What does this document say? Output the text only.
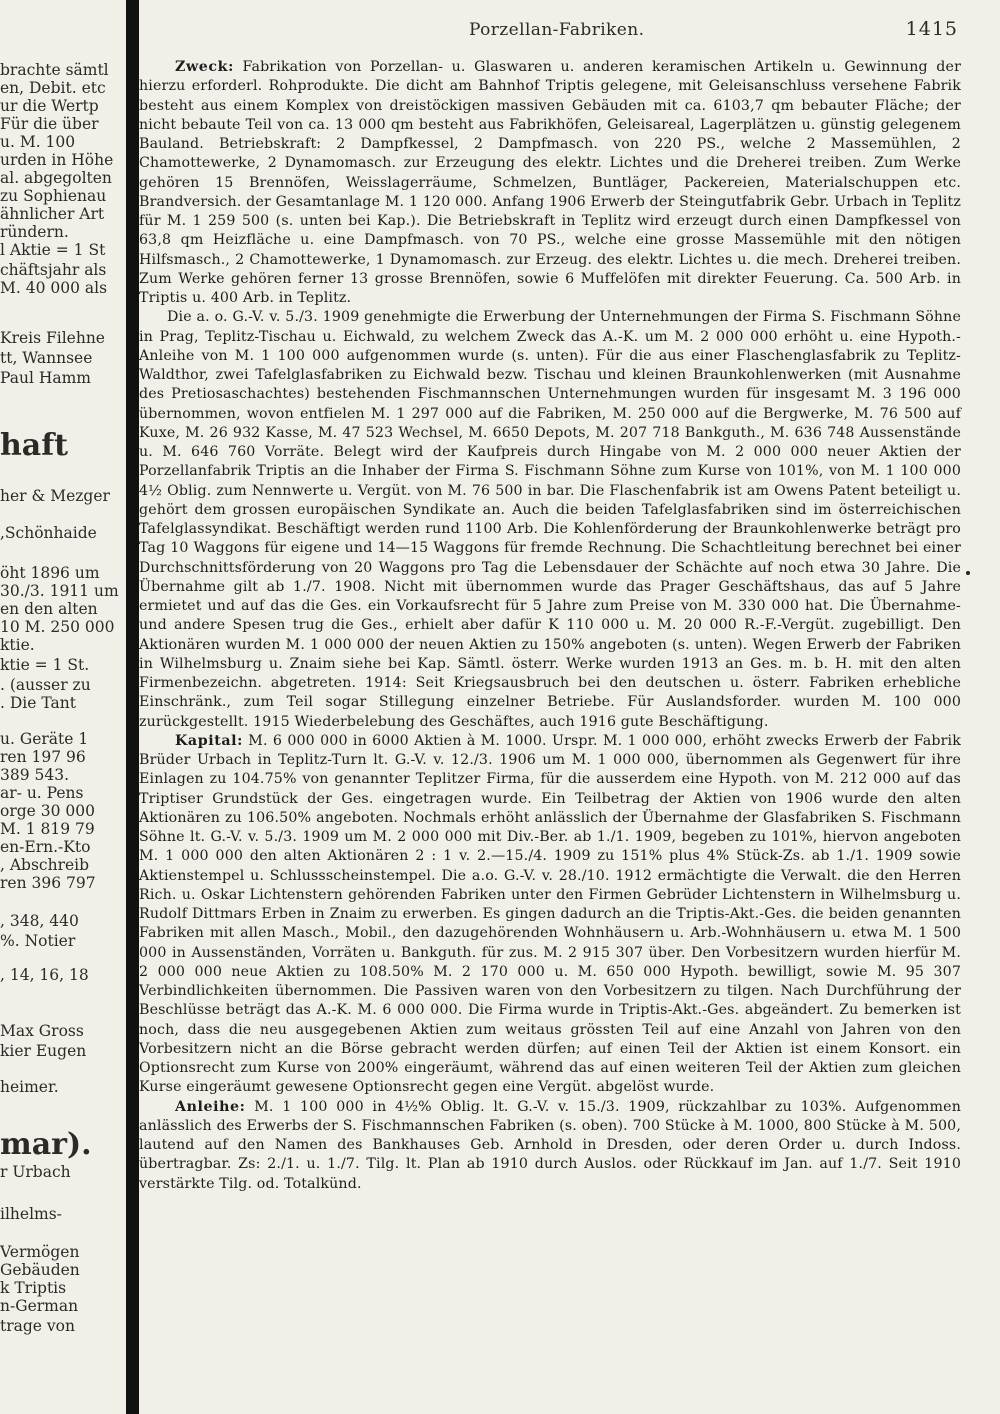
brachte sämtl
en, Debit. etc
ur die Wertp
Für die über
u. M. 100
urden in Höhe
al. abgegolten
zu Sophienau
ähnlicher Art
ründern.
l Aktie = 1 St
chäftsjahr als
M. 40 000 als
Kreis Filehne
tt, Wannsee
Paul Hamm
haft
her & Mezger
,Schönhaide
öht 1896 um
30./3. 1911 um
en den alten
10 M. 250 000
ktie.
ktie = 1 St.
. (ausser zu
. Die Tant
u. Geräte 1
ren 197 96
389 543.
ar- u. Pens
orge 30 000
M. 1 819 79
en-Ern.-Kto
, Abschreib
ren 396 797
, 348, 440
%. Notier
, 14, 16, 18
Max Gross
kier Eugen
heimer.
mar).
r Urbach
ilhelms-
Vermögen
Gebäuden
k Triptis
n-German
trage von
Porzellan-Fabriken.	1415

Zweck: Fabrikation von Porzellan- u. Glaswaren u. anderen keramischen Artikeln u. Gewinnung der hierzu erforderl. Rohprodukte. Die dicht am Bahnhof Triptis gelegene, mit Geleisanschluss versehene Fabrik besteht aus einem Komplex von dreistöckigen massiven Gebäuden mit ca. 6103,7 qm bebauter Fläche; der nicht bebaute Teil von ca. 13 000 qm besteht aus Fabrikhöfen, Geleisareal, Lagerplätzen u. günstig gelegenem Bauland. Betriebskraft: 2 Dampfkessel, 2 Dampfmasch. von 220 PS., welche 2 Massemühlen, 2 Chamottewerke, 2 Dynamomasch. zur Erzeugung des elektr. Lichtes und die Dreherei treiben. Zum Werke gehören 15 Brennöfen, Weisslagerräume, Schmelzen, Buntläger, Packereien, Materialschuppen etc. Brandversich. der Gesamtanlage M. 1 120 000. Anfang 1906 Erwerb der Steingutfabrik Gebr. Urbach in Teplitz für M. 1 259 500 (s. unten bei Kap.). Die Betriebskraft in Teplitz wird erzeugt durch einen Dampfkessel von 63,8 qm Heizfläche u. eine Dampfmasch. von 70 PS., welche eine grosse Massemühle mit den nötigen Hilfsmasch., 2 Chamottewerke, 1 Dynamomasch. zur Erzeug. des elektr. Lichtes u. die mech. Dreherei treiben. Zum Werke gehören ferner 13 grosse Brennöfen, sowie 6 Muffelöfen mit direkter Feuerung. Ca. 500 Arb. in Triptis u. 400 Arb. in Teplitz.

Die a. o. G.-V. v. 5./3. 1909 genehmigte die Erwerbung der Unternehmungen der Firma S. Fischmann Söhne in Prag, Teplitz-Tischau u. Eichwald, zu welchem Zweck das A.-K. um M. 2 000 000 erhöht u. eine Hypoth.-Anleihe von M. 1 100 000 aufgenommen wurde (s. unten). Für die aus einer Flaschenglasfabrik zu Teplitz-Waldthor, zwei Tafelglasfabriken zu Eichwald bezw. Tischau und kleinen Braunkohlenwerken (mit Ausnahme des Pretiosaschachtes) bestehenden Fischmannschen Unternehmungen wurden für insgesamt M. 3 196 000 übernommen, wovon entfielen M. 1 297 000 auf die Fabriken, M. 250 000 auf die Bergwerke, M. 76 500 auf Kuxe, M. 26 932 Kasse, M. 47 523 Wechsel, M. 6650 Depots, M. 207 718 Bankguth., M. 636 748 Aussenstände u. M. 646 760 Vorräte. Belegt wird der Kaufpreis durch Hingabe von M. 2 000 000 neuer Aktien der Porzellanfabrik Triptis an die Inhaber der Firma S. Fischmann Söhne zum Kurse von 101%, von M. 1 100 000 4½ Oblig. zum Nennwerte u. Vergüt. von M. 76 500 in bar. Die Flaschenfabrik ist am Owens Patent beteiligt u. gehört dem grossen europäischen Syndikate an. Auch die beiden Tafelglasfabriken sind im österreichischen Tafelglassyndikat. Beschäftigt werden rund 1100 Arb. Die Kohlenförderung der Braunkohlenwerke beträgt pro Tag 10 Waggons für eigene und 14—15 Waggons für fremde Rechnung. Die Schachtleitung berechnet bei einer Durchschnittsförderung von 20 Waggons pro Tag die Lebensdauer der Schächte auf noch etwa 30 Jahre. Die Übernahme gilt ab 1./7. 1908. Nicht mit übernommen wurde das Prager Geschäftshaus, das auf 5 Jahre ermietet und auf das die Ges. ein Vorkaufsrecht für 5 Jahre zum Preise von M. 330 000 hat. Die Übernahme- und andere Spesen trug die Ges., erhielt aber dafür K 110 000 u. M. 20 000 R.-F.-Vergüt. zugebilligt. Den Aktionären wurden M. 1 000 000 der neuen Aktien zu 150% angeboten (s. unten). Wegen Erwerb der Fabriken in Wilhelmsburg u. Znaim siehe bei Kap. Sämtl. österr. Werke wurden 1913 an Ges. m. b. H. mit den alten Firmenbezeichn. abgetreten. 1914: Seit Kriegsausbruch bei den deutschen u. österr. Fabriken erhebliche Einschränk., zum Teil sogar Stillegung einzelner Betriebe. Für Auslandsforder. wurden M. 100 000 zurückgestellt. 1915 Wiederbelebung des Geschäftes, auch 1916 gute Beschäftigung.

Kapital: M. 6 000 000 in 6000 Aktien à M. 1000. Urspr. M. 1 000 000, erhöht zwecks Erwerb der Fabrik Brüder Urbach in Teplitz-Turn lt. G.-V. v. 12./3. 1906 um M. 1 000 000, übernommen als Gegenwert für ihre Einlagen zu 104.75% von genannter Teplitzer Firma, für die ausserdem eine Hypoth. von M. 212 000 auf das Triptiser Grundstück der Ges. eingetragen wurde. Ein Teilbetrag der Aktien von 1906 wurde den alten Aktionären zu 106.50% angeboten. Nochmals erhöht anlässlich der Übernahme der Glasfabriken S. Fischmann Söhne lt. G.-V. v. 5./3. 1909 um M. 2 000 000 mit Div.-Ber. ab 1./1. 1909, begeben zu 101%, hiervon angeboten M. 1 000 000 den alten Aktionären 2 : 1 v. 2.—15./4. 1909 zu 151% plus 4% Stück-Zs. ab 1./1. 1909 sowie Aktienstempel u. Schlussscheinstempel. Die a.o. G.-V. v. 28./10. 1912 ermächtigte die Verwalt. die den Herren Rich. u. Oskar Lichtenstern gehörenden Fabriken unter den Firmen Gebrüder Lichtenstern in Wilhelmsburg u. Rudolf Dittmars Erben in Znaim zu erwerben. Es gingen dadurch an die Triptis-Akt.-Ges. die beiden genannten Fabriken mit allen Masch., Mobil., den dazugehörenden Wohnhäusern u. Arb.-Wohnhäusern u. etwa M. 1 500 000 in Aussenständen, Vorräten u. Bankguth. für zus. M. 2 915 307 über. Den Vorbesitzern wurden hierfür M. 2 000 000 neue Aktien zu 108.50% M. 2 170 000 u. M. 650 000 Hypoth. bewilligt, sowie M. 95 307 Verbindlichkeiten übernommen. Die Passiven waren von den Vorbesitzern zu tilgen. Nach Durchführung der Beschlüsse beträgt das A.-K. M. 6 000 000. Die Firma wurde in Triptis-Akt.-Ges. abgeändert. Zu bemerken ist noch, dass die neu ausgegebenen Aktien zum weitaus grössten Teil auf eine Anzahl von Jahren von den Vorbesitzern nicht an die Börse gebracht werden dürfen; auf einen Teil der Aktien ist einem Konsort. ein Optionsrecht zum Kurse von 200% eingeräumt, während das auf einen weiteren Teil der Aktien zum gleichen Kurse eingeräumt gewesene Optionsrecht gegen eine Vergüt. abgelöst wurde.

Anleihe: M. 1 100 000 in 4½% Oblig. lt. G.-V. v. 15./3. 1909, rückzahlbar zu 103%. Aufgenommen anlässlich des Erwerbs der S. Fischmannschen Fabriken (s. oben). 700 Stücke à M. 1000, 800 Stücke à M. 500, lautend auf den Namen des Bankhauses Geb. Arnhold in Dresden, oder deren Order u. durch Indoss. übertragbar. Zs: 2./1. u. 1./7. Tilg. lt. Plan ab 1910 durch Auslos. oder Rückkauf im Jan. auf 1./7. Seit 1910 verstärkte Tilg. od. Totalkünd.
